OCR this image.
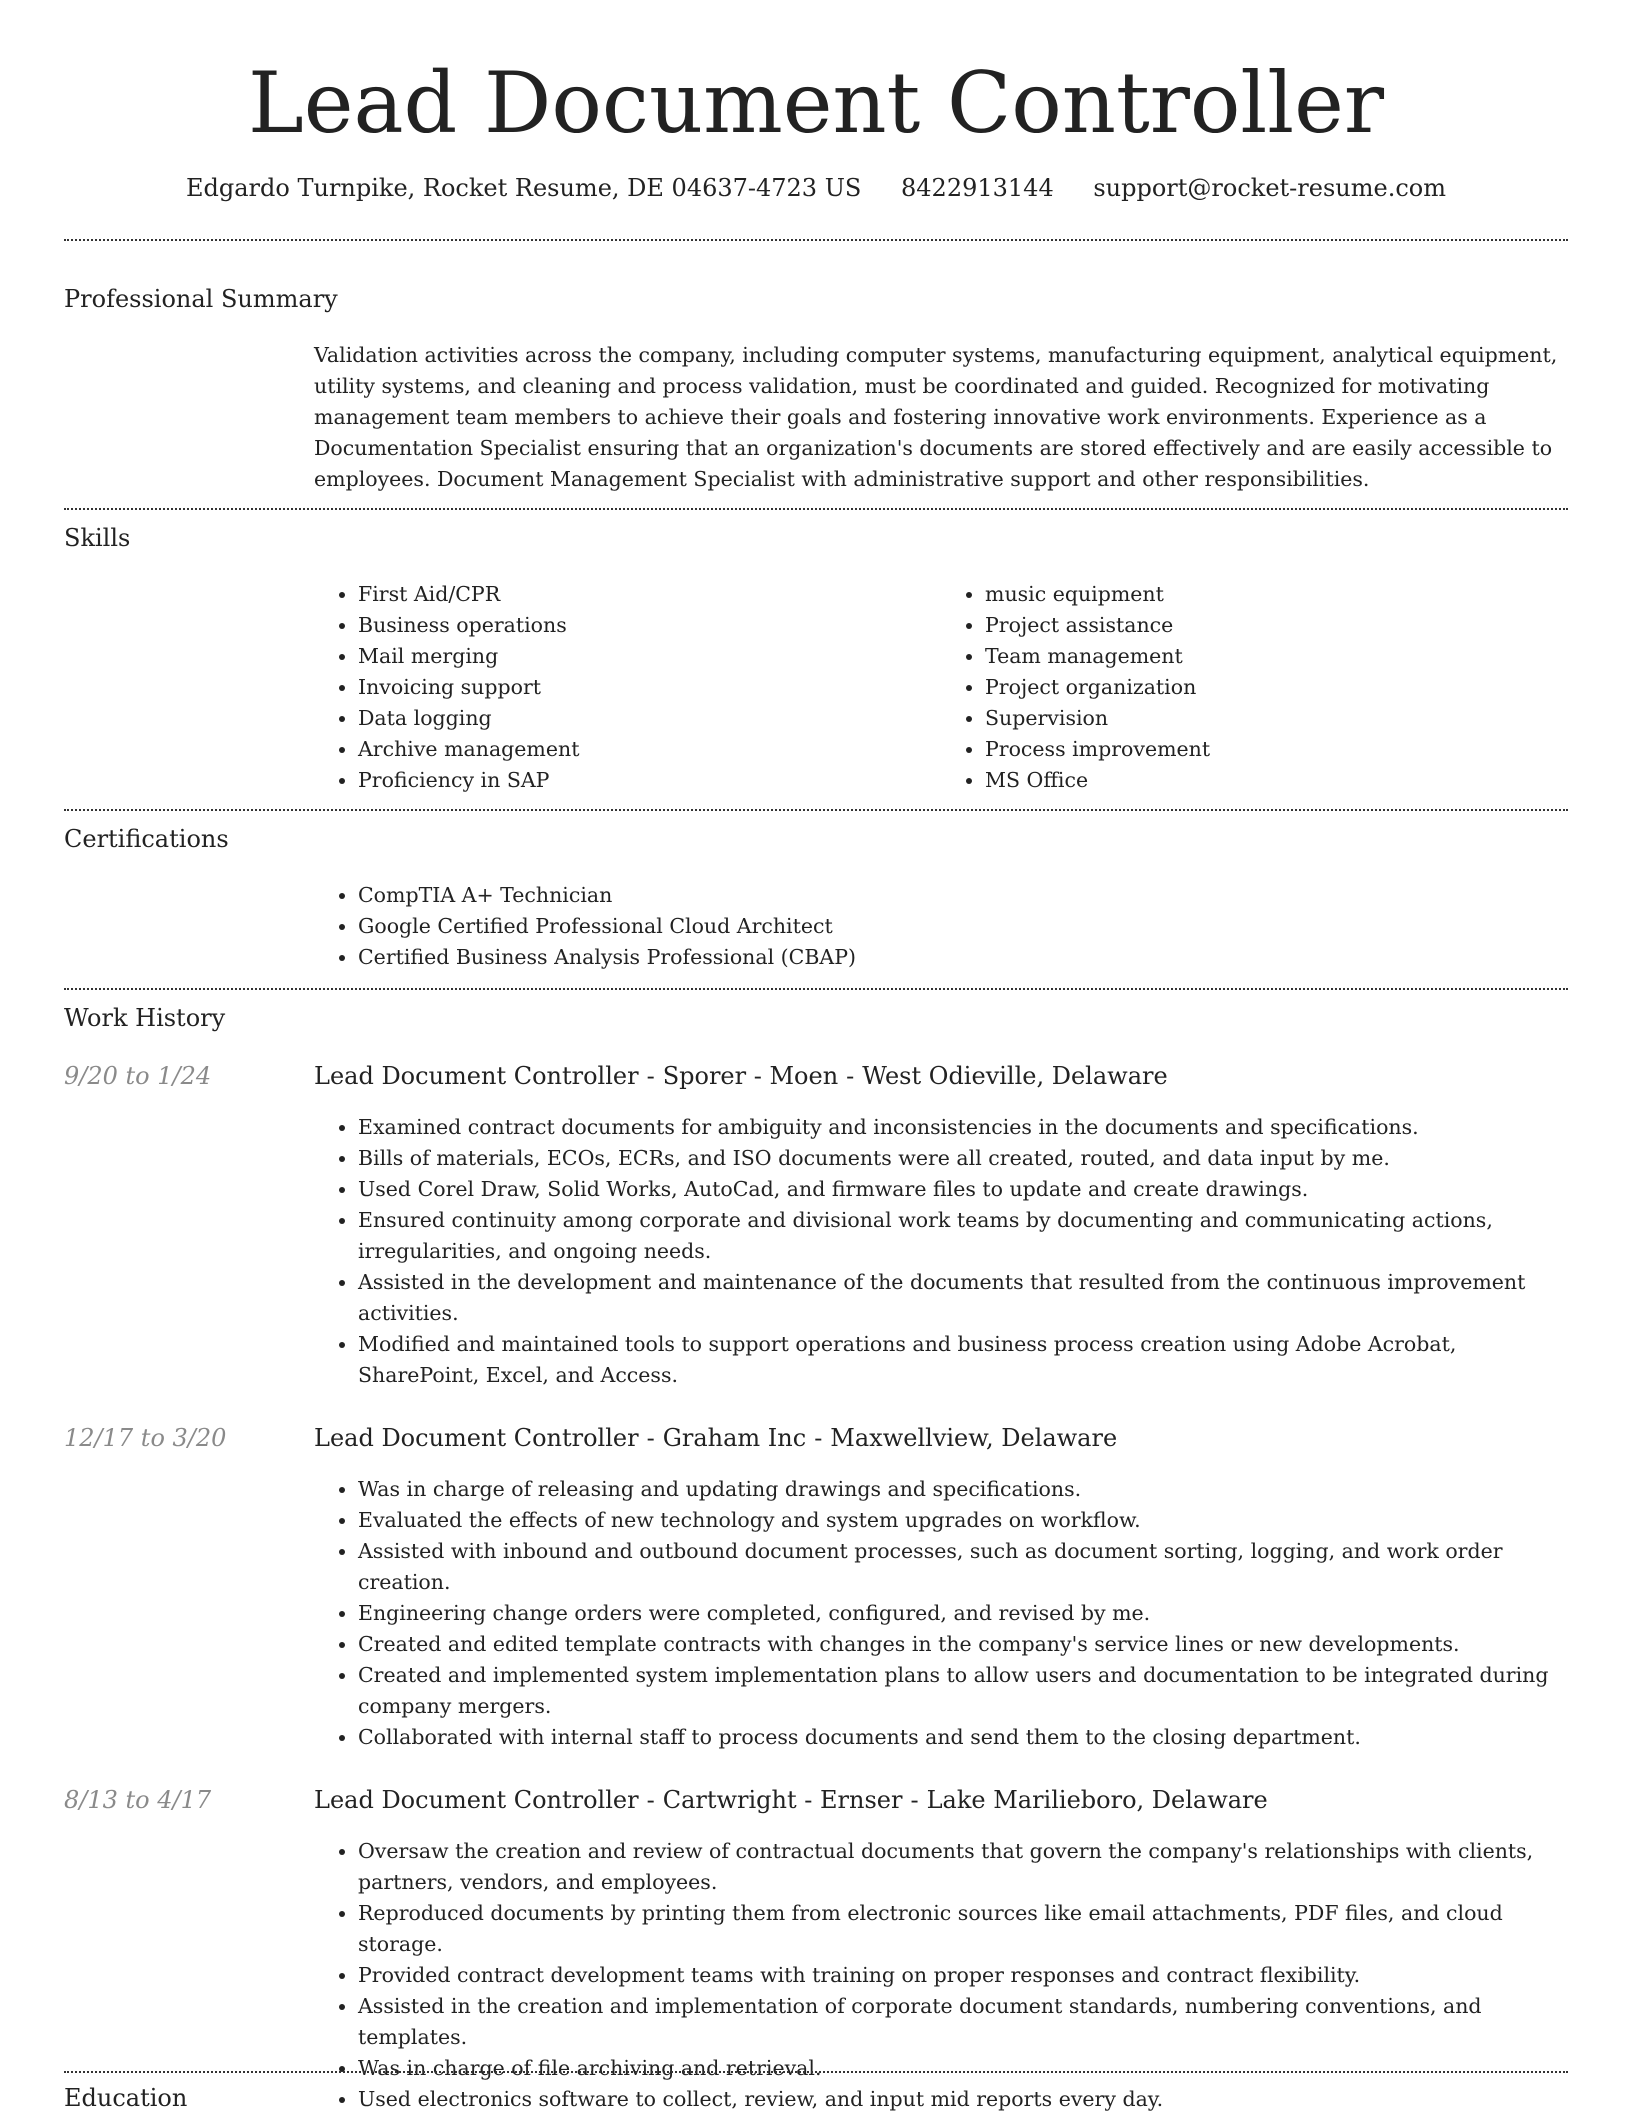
Lead Document Controller
Edgardo Turnpike, Rocket Resume, DE 04637-4723 US 8422913144 support@rocket-resume.com
Professional Summary

Validation activities across the company, including computer systems, manufacturing equipment, analytical equipment, utility systems, and cleaning and process validation, must be coordinated and guided. Recognized for motivating management team members to achieve their goals and fostering innovative work environments. Experience as a Documentation Specialist ensuring that an organization's documents are stored effectively and are easily accessible to employees. Document Management Specialist with administrative support and other responsibilities.

Skills
• First Aid/CPR
• Business operations
• Mail merging
• Invoicing support
• Data logging
• Archive management
• Proficiency in SAP
• music equipment
• Project assistance
• Team management
• Project organization
• Supervision
• Process improvement
• MS Office
Certifications
• CompTIA A+ Technician
• Google Certified Professional Cloud Architect
• Certified Business Analysis Professional (CBAP)
Work History
9/20 to 1/24	Lead Document Controller - Sporer - Moen - West Odieville, Delaware
• Examined contract documents for ambiguity and inconsistencies in the documents and specifications.
• Bills of materials, ECOs, ECRs, and ISO documents were all created, routed, and data input by me.
• Used Corel Draw, Solid Works, AutoCad, and firmware files to update and create drawings.
• Ensured continuity among corporate and divisional work teams by documenting and communicating actions, irregularities, and ongoing needs.
• Assisted in the development and maintenance of the documents that resulted from the continuous improvement activities.
• Modified and maintained tools to support operations and business process creation using Adobe Acrobat, SharePoint, Excel, and Access.
12/17 to 3/20	Lead Document Controller - Graham Inc - Maxwellview, Delaware
• Was in charge of releasing and updating drawings and specifications.
• Evaluated the effects of new technology and system upgrades on workflow.
• Assisted with inbound and outbound document processes, such as document sorting, logging, and work order creation.
• Engineering change orders were completed, configured, and revised by me.
• Created and edited template contracts with changes in the company's service lines or new developments.
• Created and implemented system implementation plans to allow users and documentation to be integrated during company mergers.
• Collaborated with internal staff to process documents and send them to the closing department.
8/13 to 4/17	Lead Document Controller - Cartwright - Ernser - Lake Marilieboro, Delaware
• Oversaw the creation and review of contractual documents that govern the company's relationships with clients, partners, vendors, and employees.
• Reproduced documents by printing them from electronic sources like email attachments, PDF files, and cloud storage.
• Provided contract development teams with training on proper responses and contract flexibility.
• Assisted in the creation and implementation of corporate document standards, numbering conventions, and templates.
• Was in charge of file archiving and retrieval.
• Used electronics software to collect, review, and input mid reports every day.
Education
